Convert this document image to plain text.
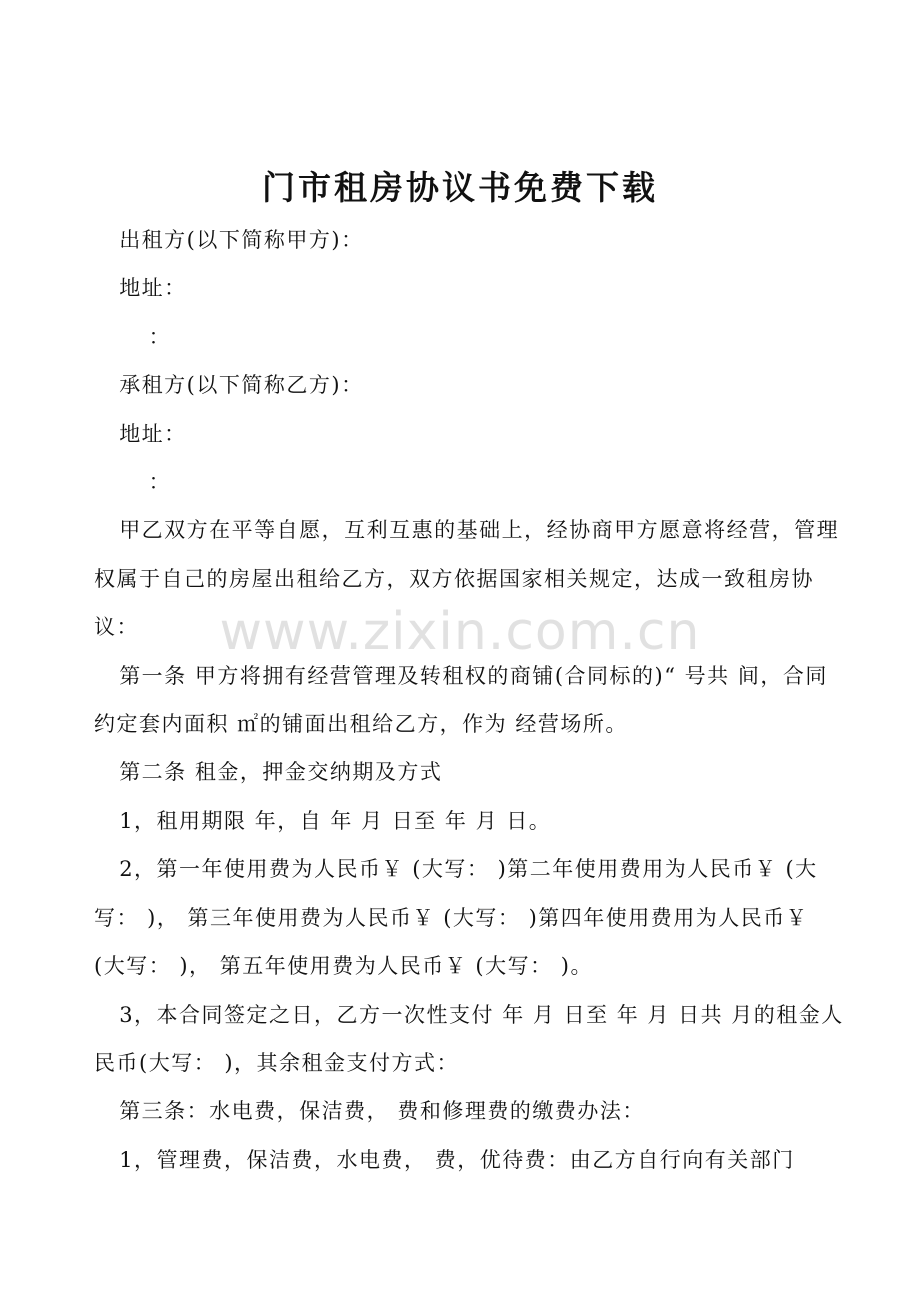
门市租房协议书免费下载

出租方(以下简称甲方)：

地址：

：

承租方(以下简称乙方)：

地址：

：

甲乙双方在平等自愿，互利互惠的基础上，经协商甲方愿意将经营，管理权属于自己的房屋出租给乙方，双方依据国家相关规定，达成一致租房协议：

第一条 甲方将拥有经营管理及转租权的商铺(合同标的)“ 号共 间，合同约定套内面积 ㎡的铺面出租给乙方，作为 经营场所。

第二条 租金，押金交纳期及方式

1，租用期限 年，自 年 月 日至 年 月 日。

2，第一年使用费为人民币￥ (大写： )第二年使用费用为人民币￥ (大写： )， 第三年使用费为人民币￥ (大写： )第四年使用费用为人民币￥ (大写： )， 第五年使用费为人民币￥ (大写： )。

3，本合同签定之日，乙方一次性支付 年 月 日至 年 月 日共 月的租金人民币(大写： )，其余租金支付方式：

第三条：水电费，保洁费， 费和修理费的缴费办法：

1，管理费，保洁费，水电费， 费，优待费：由乙方自行向有关部门

www.zixin.com.cn
